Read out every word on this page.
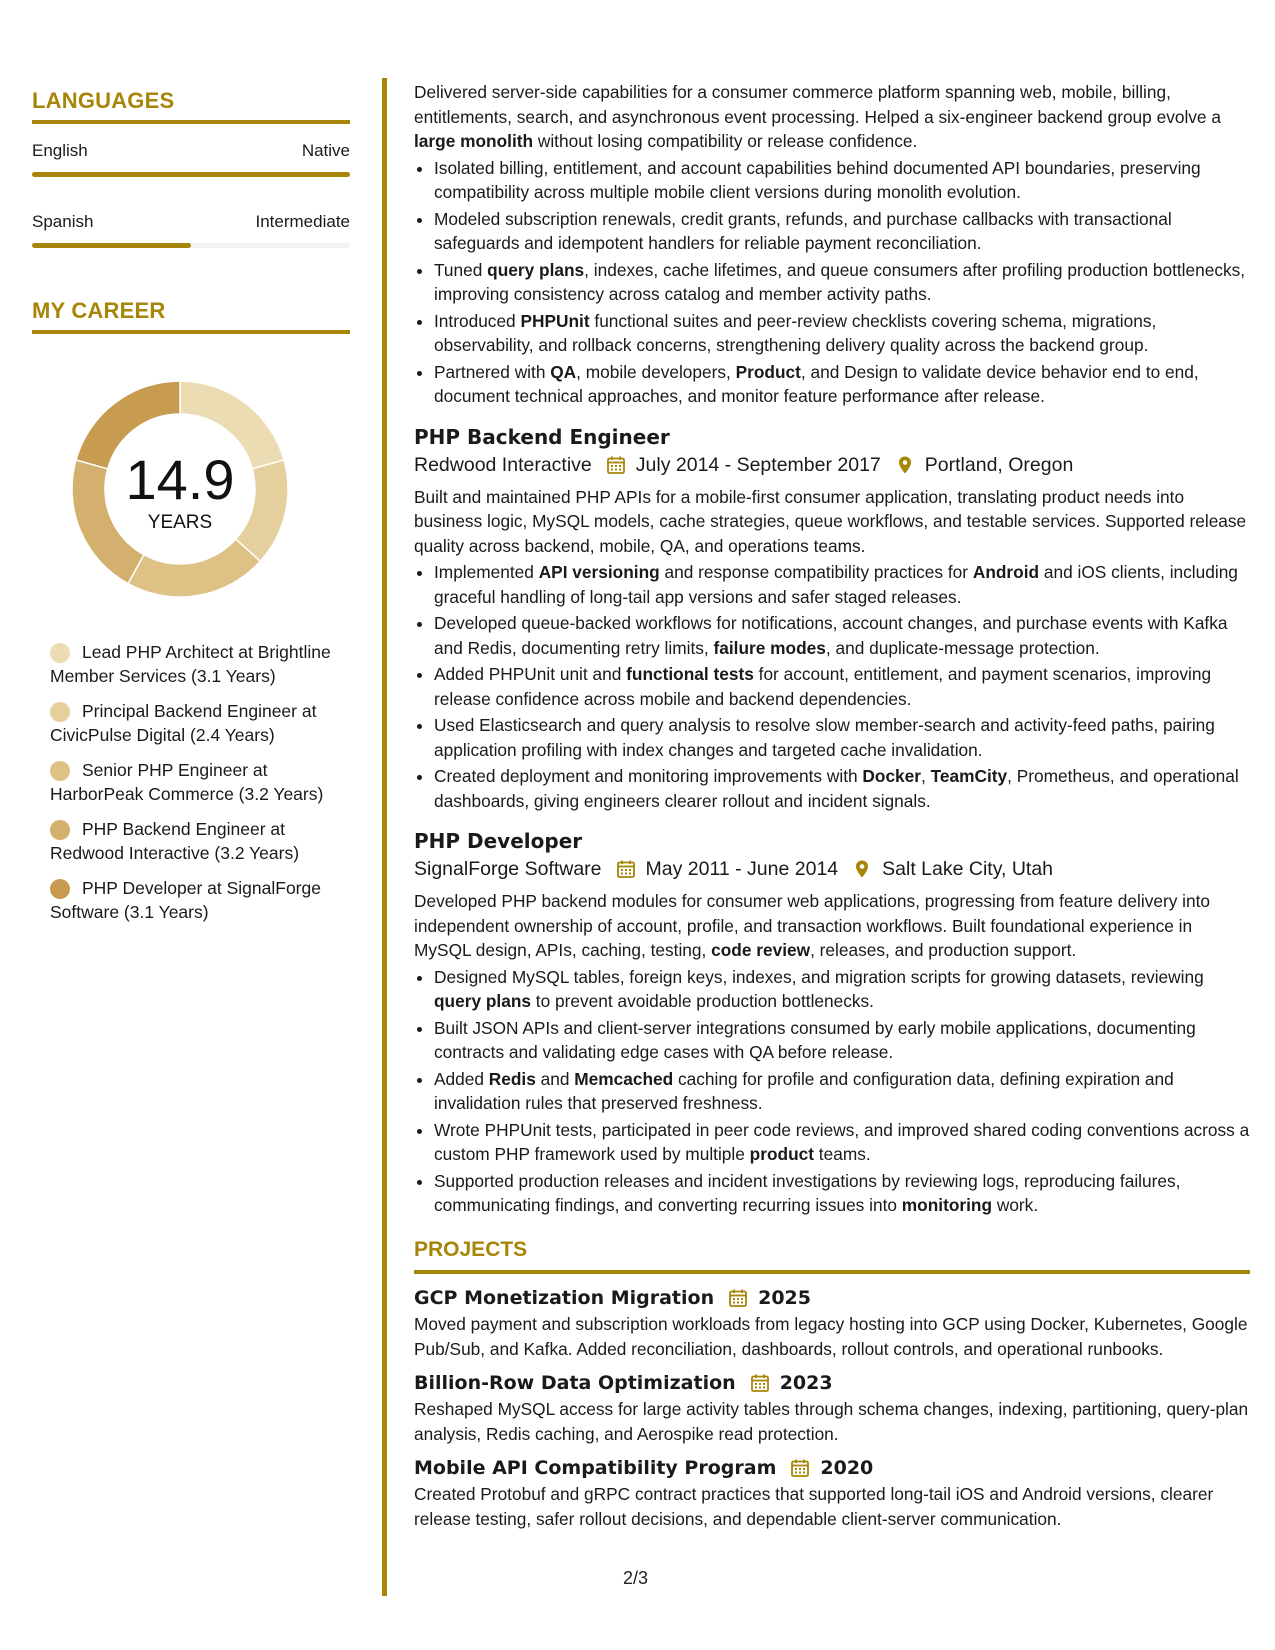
LANGUAGES
English	Native
Spanish	Intermediate
MY CAREER
14.9
YEARS
Lead PHP Architect at Brightline Member Services (3.1 Years)
Principal Backend Engineer at CivicPulse Digital (2.4 Years)
Senior PHP Engineer at HarborPeak Commerce (3.2 Years)
PHP Backend Engineer at Redwood Interactive (3.2 Years)
PHP Developer at SignalForge Software (3.1 Years)

Delivered server-side capabilities for a consumer commerce platform spanning web, mobile, billing, entitlements, search, and asynchronous event processing. Helped a six-engineer backend group evolve a large monolith without losing compatibility or release confidence.

• Isolated billing, entitlement, and account capabilities behind documented API boundaries, preserving compatibility across multiple mobile client versions during monolith evolution.
• Modeled subscription renewals, credit grants, refunds, and purchase callbacks with transactional safeguards and idempotent handlers for reliable payment reconciliation.
• Tuned query plans, indexes, cache lifetimes, and queue consumers after profiling production bottlenecks, improving consistency across catalog and member activity paths.
• Introduced PHPUnit functional suites and peer-review checklists covering schema, migrations, observability, and rollback concerns, strengthening delivery quality across the backend group.
• Partnered with QA, mobile developers, Product, and Design to validate device behavior end to end, document technical approaches, and monitor feature performance after release.
PHP Backend Engineer
Redwood Interactive July 2014 - September 2017 Portland, Oregon

Built and maintained PHP APIs for a mobile-first consumer application, translating product needs into business logic, MySQL models, cache strategies, queue workflows, and testable services. Supported release quality across backend, mobile, QA, and operations teams.

• Implemented API versioning and response compatibility practices for Android and iOS clients, including graceful handling of long-tail app versions and safer staged releases.
• Developed queue-backed workflows for notifications, account changes, and purchase events with Kafka and Redis, documenting retry limits, failure modes, and duplicate-message protection.
• Added PHPUnit unit and functional tests for account, entitlement, and payment scenarios, improving release confidence across mobile and backend dependencies.
• Used Elasticsearch and query analysis to resolve slow member-search and activity-feed paths, pairing application profiling with index changes and targeted cache invalidation.
• Created deployment and monitoring improvements with Docker, TeamCity, Prometheus, and operational dashboards, giving engineers clearer rollout and incident signals.
PHP Developer
SignalForge Software May 2011 - June 2014 Salt Lake City, Utah

Developed PHP backend modules for consumer web applications, progressing from feature delivery into independent ownership of account, profile, and transaction workflows. Built foundational experience in MySQL design, APIs, caching, testing, code review, releases, and production support.

• Designed MySQL tables, foreign keys, indexes, and migration scripts for growing datasets, reviewing query plans to prevent avoidable production bottlenecks.
• Built JSON APIs and client-server integrations consumed by early mobile applications, documenting contracts and validating edge cases with QA before release.
• Added Redis and Memcached caching for profile and configuration data, defining expiration and invalidation rules that preserved freshness.
• Wrote PHPUnit tests, participated in peer code reviews, and improved shared coding conventions across a custom PHP framework used by multiple product teams.
• Supported production releases and incident investigations by reviewing logs, reproducing failures, communicating findings, and converting recurring issues into monitoring work.
PROJECTS
GCP Monetization Migration 2025

Moved payment and subscription workloads from legacy hosting into GCP using Docker, Kubernetes, Google Pub/Sub, and Kafka. Added reconciliation, dashboards, rollout controls, and operational runbooks.

Billion-Row Data Optimization 2023

Reshaped MySQL access for large activity tables through schema changes, indexing, partitioning, query-plan analysis, Redis caching, and Aerospike read protection.

Mobile API Compatibility Program 2020

Created Protobuf and gRPC contract practices that supported long-tail iOS and Android versions, clearer release testing, safer rollout decisions, and dependable client-server communication.

2/3
